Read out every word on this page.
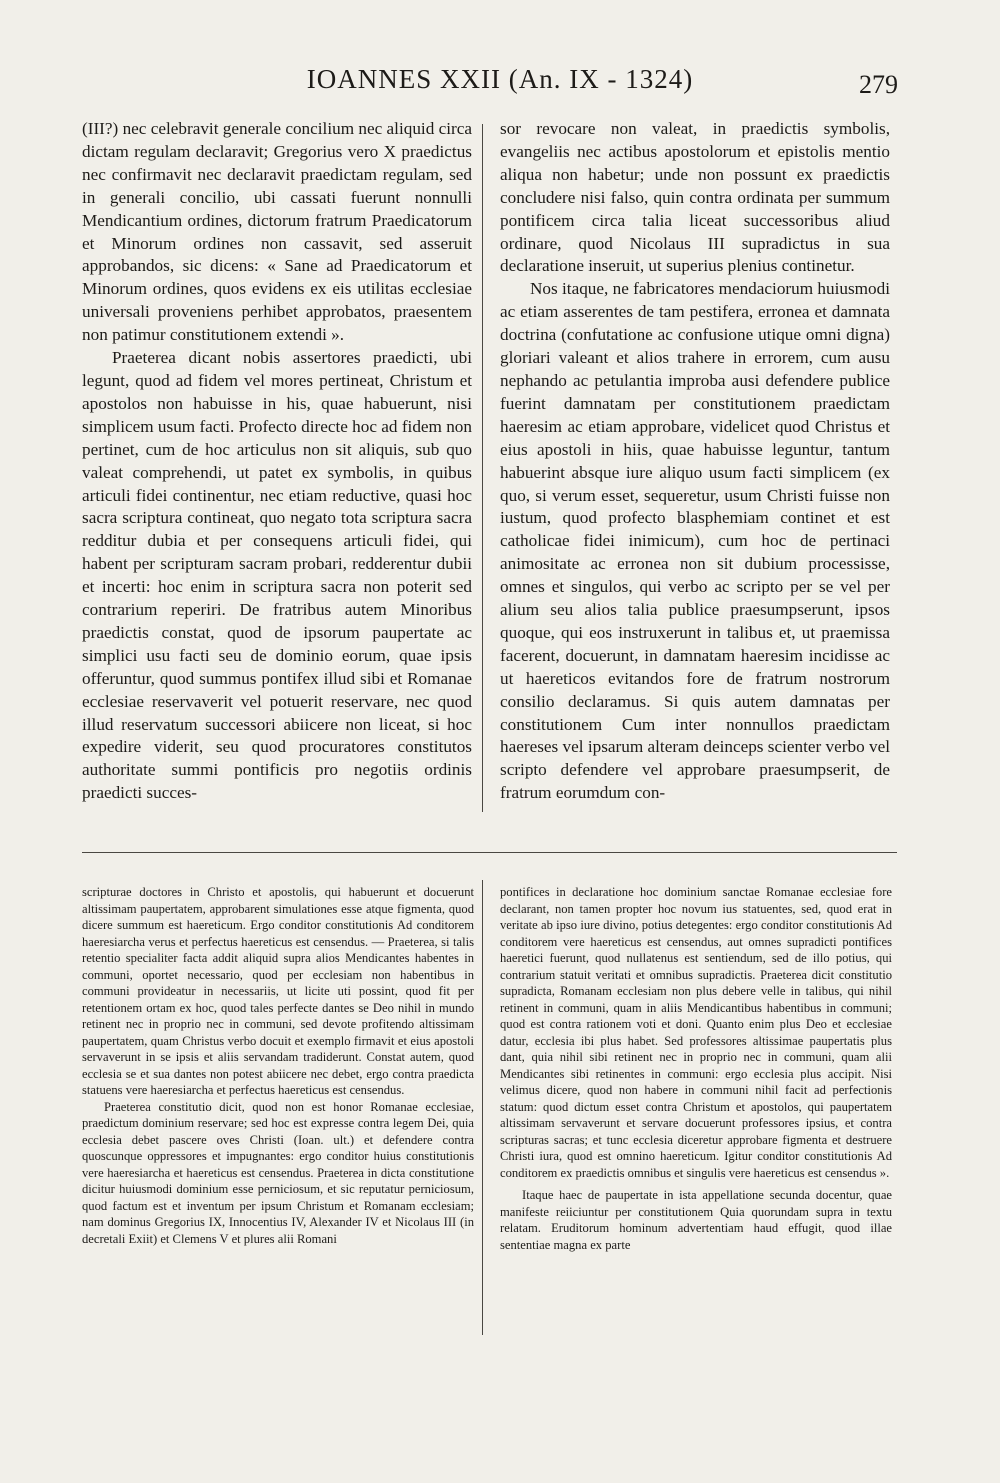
IOANNES XXII (An. IX - 1324)	279

(III?) nec celebravit generale concilium nec aliquid circa dictam regulam declaravit; Gregorius vero X praedictus nec confirmavit nec declaravit praedictam regulam, sed in generali concilio, ubi cassati fuerunt nonnulli Mendicantium ordines, dictorum fratrum Praedicatorum et Minorum ordines non cassavit, sed asseruit approbandos, sic dicens: « Sane ad Praedicatorum et Minorum ordines, quos evidens ex eis utilitas ecclesiae universali proveniens perhibet approbatos, praesentem non patimur constitutionem extendi ».

Praeterea dicant nobis assertores praedicti, ubi legunt, quod ad fidem vel mores pertineat, Christum et apostolos non habuisse in his, quae habuerunt, nisi simplicem usum facti. Profecto directe hoc ad fidem non pertinet, cum de hoc articulus non sit aliquis, sub quo valeat comprehendi, ut patet ex symbolis, in quibus articuli fidei continentur, nec etiam reductive, quasi hoc sacra scriptura contineat, quo negato tota scriptura sacra redditur dubia et per consequens articuli fidei, qui habent per scripturam sacram probari, redderentur dubii et incerti: hoc enim in scriptura sacra non poterit sed contrarium reperiri. De fratribus autem Minoribus praedictis constat, quod de ipsorum paupertate ac simplici usu facti seu de dominio eorum, quae ipsis offeruntur, quod summus pontifex illud sibi et Romanae ecclesiae reservaverit vel potuerit reservare, nec quod illud reservatum successori abiicere non liceat, si hoc expedire viderit, seu quod procuratores constitutos authoritate summi pontificis pro negotiis ordinis praedicti succes-

sor revocare non valeat, in praedictis symbolis, evangeliis nec actibus apostolorum et epistolis mentio aliqua non habetur; unde non possunt ex praedictis concludere nisi falso, quin contra ordinata per summum pontificem circa talia liceat successoribus aliud ordinare, quod Nicolaus III supradictus in sua declaratione inseruit, ut superius plenius continetur.

Nos itaque, ne fabricatores mendaciorum huiusmodi ac etiam asserentes de tam pestifera, erronea et damnata doctrina (confutatione ac confusione utique omni digna) gloriari valeant et alios trahere in errorem, cum ausu nephando ac petulantia improba ausi defendere publice fuerint damnatam per constitutionem praedictam haeresim ac etiam approbare, videlicet quod Christus et eius apostoli in hiis, quae habuisse leguntur, tantum habuerint absque iure aliquo usum facti simplicem (ex quo, si verum esset, sequeretur, usum Christi fuisse non iustum, quod profecto blasphemiam continet et est catholicae fidei inimicum), cum hoc de pertinaci animositate ac erronea non sit dubium processisse, omnes et singulos, qui verbo ac scripto per se vel per alium seu alios talia publice praesumpserunt, ipsos quoque, qui eos instruxerunt in talibus et, ut praemissa facerent, docuerunt, in damnatam haeresim incidisse ac ut haereticos evitandos fore de fratrum nostrorum consilio declaramus. Si quis autem damnatas per constitutionem Cum inter nonnullos praedictam haereses vel ipsarum alteram deinceps scienter verbo vel scripto defendere vel approbare praesumpserit, de fratrum eorumdum con-

scripturae doctores in Christo et apostolis, qui habuerunt et docuerunt altissimam paupertatem, approbarent simulationes esse atque figmenta, quod dicere summum est haereticum. Ergo conditor constitutionis Ad conditorem haeresiarcha verus et perfectus haereticus est censendus. — Praeterea, si talis retentio specialiter facta addit aliquid supra alios Mendicantes habentes in communi, oportet necessario, quod per ecclesiam non habentibus in communi provideatur in necessariis, ut licite uti possint, quod fit per retentionem ortam ex hoc, quod tales perfecte dantes se Deo nihil in mundo retinent nec in proprio nec in communi, sed devote profitendo altissimam paupertatem, quam Christus verbo docuit et exemplo firmavit et eius apostoli servaverunt in se ipsis et aliis servandam tradiderunt. Constat autem, quod ecclesia se et sua dantes non potest abiicere nec debet, ergo contra praedicta statuens vere haeresiarcha et perfectus haereticus est censendus.

Praeterea constitutio dicit, quod non est honor Romanae ecclesiae, praedictum dominium reservare; sed hoc est expresse contra legem Dei, quia ecclesia debet pascere oves Christi (Ioan. ult.) et defendere contra quoscunque oppressores et impugnantes: ergo conditor huius constitutionis vere haeresiarcha et haereticus est censendus. Praeterea in dicta constitutione dicitur huiusmodi dominium esse perniciosum, et sic reputatur perniciosum, quod factum est et inventum per ipsum Christum et Romanam ecclesiam; nam dominus Gregorius IX, Innocentius IV, Alexander IV et Nicolaus III (in decretali Exiit) et Clemens V et plures alii Romani

pontifices in declaratione hoc dominium sanctae Romanae ecclesiae fore declarant, non tamen propter hoc novum ius statuentes, sed, quod erat in veritate ab ipso iure divino, potius detegentes: ergo conditor constitutionis Ad conditorem vere haereticus est censendus, aut omnes supradicti pontifices haeretici fuerunt, quod nullatenus est sentiendum, sed de illo potius, qui contrarium statuit veritati et omnibus supradictis. Praeterea dicit constitutio supradicta, Romanam ecclesiam non plus debere velle in talibus, qui nihil retinent in communi, quam in aliis Mendicantibus habentibus in communi; quod est contra rationem voti et doni. Quanto enim plus Deo et ecclesiae datur, ecclesia ibi plus habet. Sed professores altissimae paupertatis plus dant, quia nihil sibi retinent nec in proprio nec in communi, quam alii Mendicantes sibi retinentes in communi: ergo ecclesia plus accipit. Nisi velimus dicere, quod non habere in communi nihil facit ad perfectionis statum: quod dictum esset contra Christum et apostolos, qui paupertatem altissimam servaverunt et servare docuerunt professores ipsius, et contra scripturas sacras; et tunc ecclesia diceretur approbare figmenta et destruere Christi iura, quod est omnino haereticum. Igitur conditor constitutionis Ad conditorem ex praedictis omnibus et singulis vere haereticus est censendus ».

Itaque haec de paupertate in ista appellatione secunda docentur, quae manifeste reiiciuntur per constitutionem Quia quorundam supra in textu relatam. Eruditorum hominum advertentiam haud effugit, quod illae sententiae magna ex parte
